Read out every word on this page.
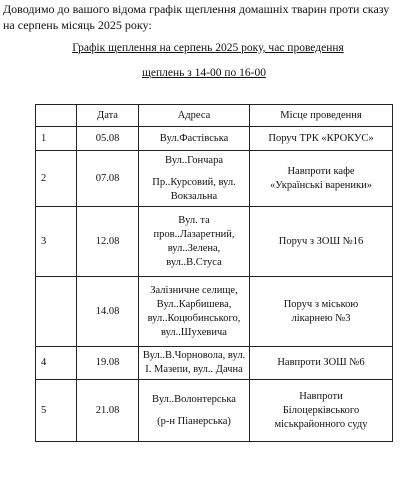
Доводимо до вашого відома графік щеплення домашніх тварин проти сказу на серпень місяць 2025 року:
Графік щеплення на серпень 2025 року, час проведення
щеплень з 14-00 по 16-00
	Дата	Адреса	Місце проведення
1	05.08	Вул.Фастівська	Поруч ТРК «КРОКУС»

2	07.08	Вул..Гончара
Пр..Курсовий, вул.
Вокзальна	Навпроти кафе
«Українські вареники»

3	12.08	Вул. та
пров..Лазаретний,
вул..Зелена,
вул..В.Стуса	Поруч з ЗОШ №16

	14.08	Залізничне селище,
Вул..Карбишева,
вул..Коцюбинського,
вул..Шухевича	Поруч з міською
лікарнею №3

4	19.08	Вул..В.Чорновола, вул.
І. Мазепи, вул.. Дачна	Навпроти ЗОШ №6

5	21.08	Вул..Волонтерська
(р-н Піанерська)	Навпроти
Білоцерківського
міськрайонного суду
